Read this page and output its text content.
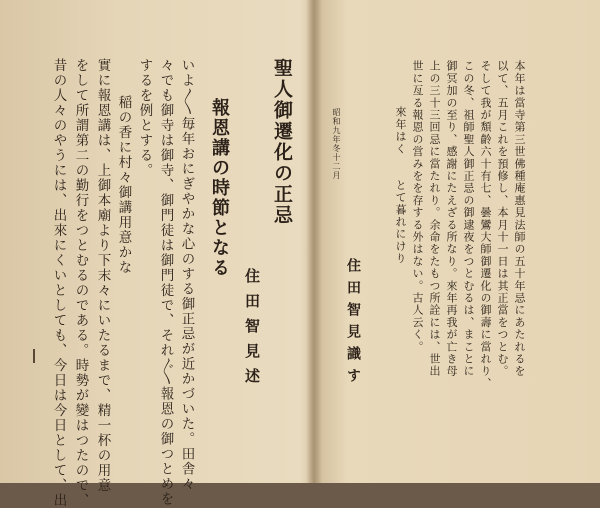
聖人御遷化の正忌
報恩講の時節となる
住田智見述
いよ〳〵毎年おにぎやかな心のする御正忌が近かづいた。田舎々
々でも御寺は御寺、御門徒は御門徒で、それ〴〵報恩の御つとめを
するを例とする。
稲の香に村々御講用意かな
實に報恩講は、上御本廟より下末々にいたるまで、精一杯の用意
をして所謂第二の勤行をつとむるのである。時勢が變はつたので、
昔の人々のやうには、出來にくいとしても、今日は今日として、出	本年は當寺第三世佛種庵惠見法師の五十年忌にあたれるを
以て、五月これを預修し、本月十一日は其正當をつとむ。
そして我が頽齡六十有七、曇鸞大師御遷化の御壽に當れり、
この冬、祖師聖人御正忌の御逮夜をつとむるは、まことに
御冥加の至り、感謝にたえざる所なり。來年再我が亡き母
上の三十三回忌に當たれり。余命をたもつ所詮には、世出
世に亙る報恩の営みをを存する外はない。古人云く。
來年はく　　とて暮れにけり
昭和九年冬十二月
住田智見識す
